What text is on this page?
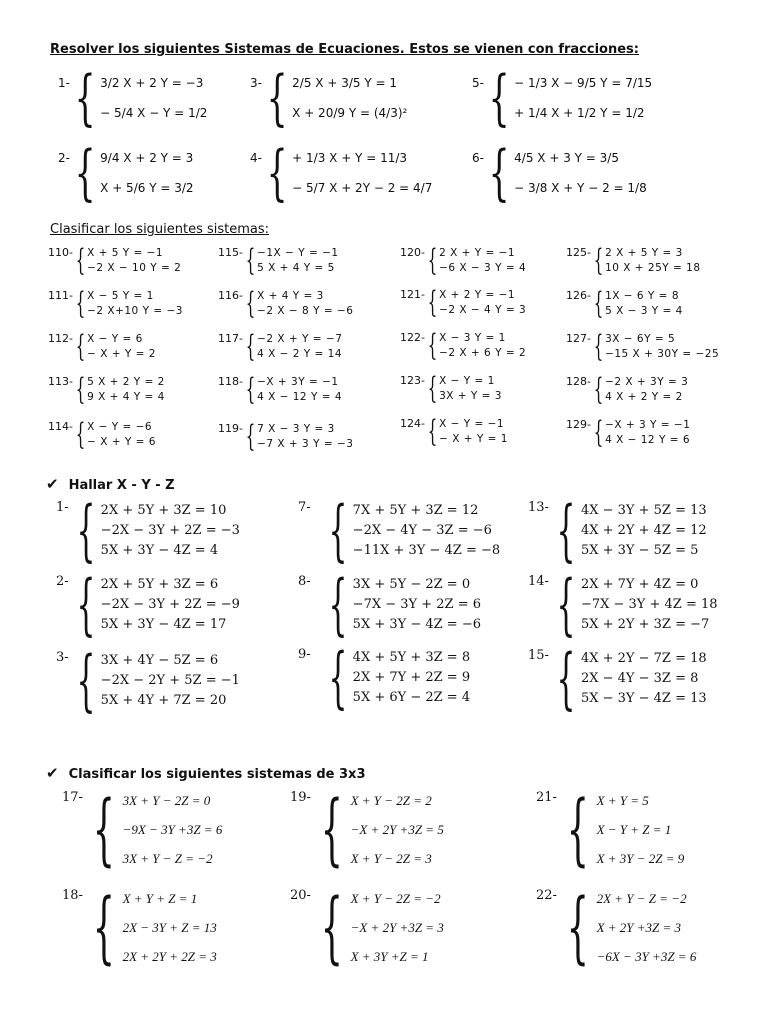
Resolver los siguientes Sistemas de Ecuaciones. Estos se vienen con fracciones:
1- { 3/2 X + 2 Y = −3
− 5/4 X − Y = 1/2
2- { 9/4 X + 2 Y = 3
X + 5/6 Y = 3/2
3- { 2/5 X + 3/5 Y = 1
X + 20/9 Y = (4/3)²
4- { + 1/3 X + Y = 11/3
− 5/7 X + 2Y − 2 = 4/7
5- { − 1/3 X − 9/5 Y = 7/15
+ 1/4 X + 1/2 Y = 1/2
6- { 4/5 X + 3 Y = 3/5
− 3/8 X + Y − 2 = 1/8
Clasificar los siguientes sistemas:
110- { X + 5 Y = −1
−2 X − 10 Y = 2
111- { X − 5 Y = 1
−2 X+10 Y = −3
112- { X − Y = 6
− X + Y = 2
113- { 5 X + 2 Y = 2
9 X + 4 Y = 4
114- { X − Y = −6
− X + Y = 6
115- { −1X − Y = −1
5 X + 4 Y = 5
116- { X + 4 Y = 3
−2 X − 8 Y = −6
117- { −2 X + Y = −7
4 X − 2 Y = 14
118- { −X + 3Y = −1
4 X − 12 Y = 4
119- { 7 X − 3 Y = 3
−7 X + 3 Y = −3
120- { 2 X + Y = −1
−6 X − 3 Y = 4
121- { X + 2 Y = −1
−2 X − 4 Y = 3
122- { X − 3 Y = 1
−2 X + 6 Y = 2
123- { X − Y = 1
3X + Y = 3
124- { X − Y = −1
− X + Y = 1
125- { 2 X + 5 Y = 3
10 X + 25Y = 18
126- { 1X − 6 Y = 8
5 X − 3 Y = 4
127- { 3X − 6Y = 5
−15 X + 30Y = −25
128- { −2 X + 3Y = 3
4 X + 2 Y = 2
129- { −X + 3 Y = −1
4 X − 12 Y = 6
✔ Hallar X - Y - Z
1- { 2X + 5Y + 3Z = 10
−2X − 3Y + 2Z = −3
5X + 3Y − 4Z = 4
2- { 2X + 5Y + 3Z = 6
−2X − 3Y + 2Z = −9
5X + 3Y − 4Z = 17
3- { 3X + 4Y − 5Z = 6
−2X − 2Y + 5Z = −1
5X + 4Y + 7Z = 20
7- { 7X + 5Y + 3Z = 12
−2X − 4Y − 3Z = −6
−11X + 3Y − 4Z = −8
8- { 3X + 5Y − 2Z = 0
−7X − 3Y + 2Z = 6
5X + 3Y − 4Z = −6
9- { 4X + 5Y + 3Z = 8
2X + 7Y + 2Z = 9
5X + 6Y − 2Z = 4
13- { 4X − 3Y + 5Z = 13
4X + 2Y + 4Z = 12
5X + 3Y − 5Z = 5
14- { 2X + 7Y + 4Z = 0
−7X − 3Y + 4Z = 18
5X + 2Y + 3Z = −7
15- { 4X + 2Y − 7Z = 18
2X − 4Y − 3Z = 8
5X − 3Y − 4Z = 13
✔ Clasificar los siguientes sistemas de 3x3
17- { 3X + Y − 2Z = 0
−9X − 3Y +3Z = 6
3X + Y − Z = −2
18- { X + Y + Z = 1
2X − 3Y + Z = 13
2X + 2Y + 2Z = 3
19- { X + Y − 2Z = 2
−X + 2Y +3Z = 5
X + Y − 2Z = 3
20- { X + Y − 2Z = −2
−X + 2Y +3Z = 3
X + 3Y +Z = 1
21- { X + Y = 5
X − Y + Z = 1
X + 3Y − 2Z = 9
22- { 2X + Y − Z = −2
X + 2Y +3Z = 3
−6X − 3Y +3Z = 6
